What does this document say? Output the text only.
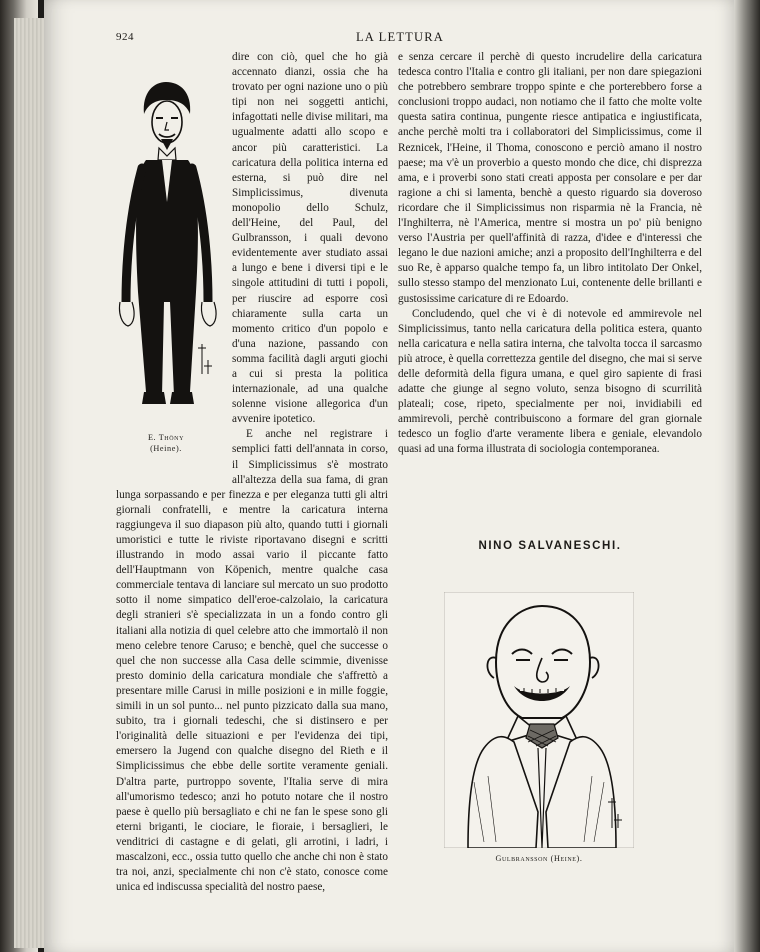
924	LA LETTURA
E. Thöny
(Heine).

dire con ciò, quel che ho già accennato dianzi, ossia che ha trovato per ogni nazione uno o più tipi non nei soggetti antichi, infagottati nelle divise militari, ma ugualmente adatti allo scopo e ancor più caratteristici. La caricatura della politica interna ed esterna, si può dire nel Simplicissimus, divenuta monopolio dello Schulz, dell'Heine, del Paul, del Gulbransson, i quali devono evidentemente aver studiato assai a lungo e bene i diversi tipi e le singole attitudini di tutti i popoli, per riuscire ad esporre così chiaramente sulla carta un momento critico d'un popolo e d'una nazione, passando con somma facilità dagli arguti giochi a cui si presta la politica internazionale, ad una qualche solenne visione allegorica d'un avvenire ipotetico.

E anche nel registrare i semplici fatti dell'annata in corso, il Simplicissimus s'è mostrato all'altezza della sua fama, di gran lunga sorpassando e per finezza e per eleganza tutti gli altri giornali confratelli, e mentre la caricatura interna raggiungeva il suo diapason più alto, quando tutti i giornali umoristici e tutte le riviste riportavano disegni e scritti illustrando in modo assai vario il piccante fatto dell'Hauptmann von Köpenich, mentre qualche casa commerciale tentava di lanciare sul mercato un suo prodotto sotto il nome simpatico dell'eroe-calzolaio, la caricatura degli stranieri s'è specializzata in un a fondo contro gli italiani alla notizia di quel celebre atto che immortalò il non meno celebre tenore Caruso; e benchè, quel che successe o quel che non successe alla Casa delle scimmie, divenisse presto dominio della caricatura mondiale che s'affrettò a presentare mille Carusi in mille posizioni e in mille foggie, simili in un sol punto... nel punto pizzicato dalla sua mano, subito, tra i giornali tedeschi, che si distinsero e per l'originalità delle situazioni e per l'evidenza dei tipi, emersero la Jugend con qualche disegno del Rieth e il Simplicissimus che ebbe delle sortite veramente geniali. D'altra parte, purtroppo sovente, l'Italia serve di mira all'umorismo tedesco; anzi ho potuto notare che il nostro paese è quello più bersagliato e chi ne fan le spese sono gli eterni briganti, le ciociare, le fioraie, i bersaglieri, le venditrici di castagne e di gelati, gli arrotini, i ladri, i mascalzoni, ecc., ossia tutto quello che anche chi non è stato tra noi, anzi, specialmente chi non c'è stato, conosce come unica ed indiscussa specialità del nostro paese,

e senza cercare il perchè di questo incrudelire della caricatura tedesca contro l'Italia e contro gli italiani, per non dare spiegazioni che potrebbero sembrare troppo spinte e che porterebbero forse a conclusioni troppo audaci, non notiamo che il fatto che molte volte questa satira continua, pungente riesce antipatica e ingiustificata, anche perchè molti tra i collaboratori del Simplicissimus, come il Reznicek, l'Heine, il Thoma, conoscono e perciò amano il nostro paese; ma v'è un proverbio a questo mondo che dice, chi disprezza ama, e i proverbi sono stati creati apposta per consolare e per dar ragione a chi si lamenta, benchè a questo riguardo sia doveroso ricordare che il Simplicissimus non risparmia nè la Francia, nè l'Inghilterra, nè l'America, mentre si mostra un po' più benigno verso l'Austria per quell'affinità di razza, d'idee e d'interessi che legano le due nazioni amiche; anzi a proposito dell'Inghilterra e del suo Re, è apparso qualche tempo fa, un libro intitolato Der Onkel, sullo stesso stampo del menzionato Lui, contenente delle brillanti e gustosissime caricature di re Edoardo.

Concludendo, quel che vi è di notevole ed ammirevole nel Simplicissimus, tanto nella caricatura della politica estera, quanto nella caricatura e nella satira interna, che talvolta tocca il sarcasmo più atroce, è quella correttezza gentile del disegno, che mai si serve delle deformità della figura umana, e quel giro sapiente di frasi adatte che giunge al segno voluto, senza bisogno di scurrilità plateali; cose, ripeto, specialmente per noi, invidiabili ed ammirevoli, perchè contribuiscono a formare del gran giornale tedesco un foglio d'arte veramente libera e geniale, elevandolo quasi ad una forma illustrata di sociologia contemporanea.

NINO SALVANESCHI.
Gulbransson (Heine).
